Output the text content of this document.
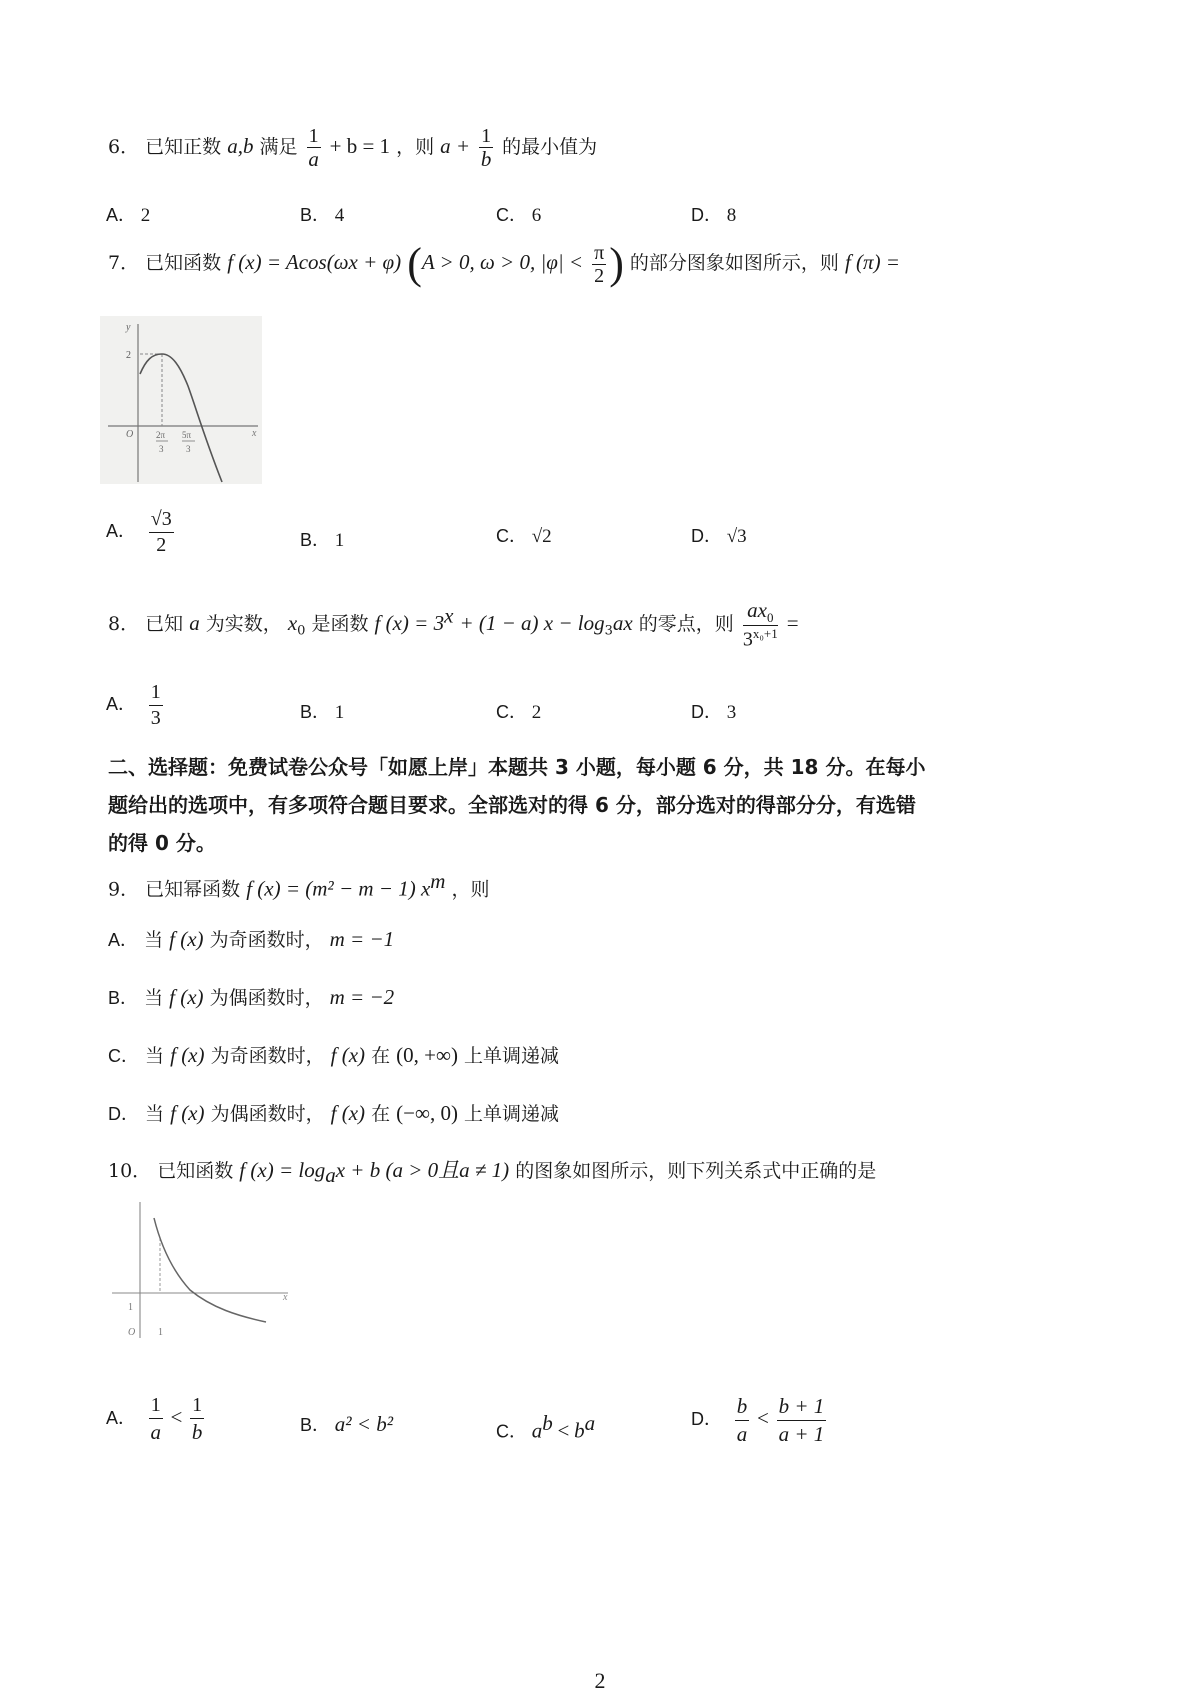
6． 已知正数 a,b 满足 $\frac{1}{a} + b = 1$ ，则 $a + \frac{1}{b}$ 的最小值为
A． 2	B． 4	C． 6	D． 8
7． 已知函数 f (x) = Acos(ωx + φ) (A > 0, ω > 0, $|\varphi| < \frac{\pi}{2}$ ) 的部分图象如图所示，则 f (π) =
y
2
O	x
2π
3
5π
3
A． $\frac{√3}{2}$	B． 1	C． √2	D． √3
8． 已知 a 为实数， $x_0$ 是函数 f $(x) = 3^x + (1 - a) x - \log_3ax$ 的零点，则 $\frac{ax_0}{3^{x_0+1}}$ =
A． $\frac{1}{3}$	B． 1	C． 2	D． 3
二、选择题：免费试卷公众号「如愿上岸」本题共 3 小题，每小题 6 分，共 18 分。在每小
题给出的选项中，有多项符合题目要求。全部选对的得 6 分，部分选对的得部分分，有选错
的得 0 分。
9． 已知幂函数 f (x) = (m² − m − 1) $x^m$ ，则
A． 当 f (x) 为奇函数时， m = −1
B． 当 f (x) 为偶函数时， m = −2
C． 当 f (x) 为奇函数时， f (x) 在 (0, +∞) 上单调递减
D． 当 f (x) 为偶函数时， f (x) 在 (−∞, 0) 上单调递减
10． 已知函数 f $(x) = \log_ax + b$ (a > 0且a ≠ 1) 的图象如图所示，则下列关系式中正确的是
x
1
O 1
A． $\frac{1}{a} < \frac{1}{b}$	B． a² < b²	C． $a^b < b^a$	D． $\frac{b}{a} < \frac{b + 1}{a + 1}$
2
